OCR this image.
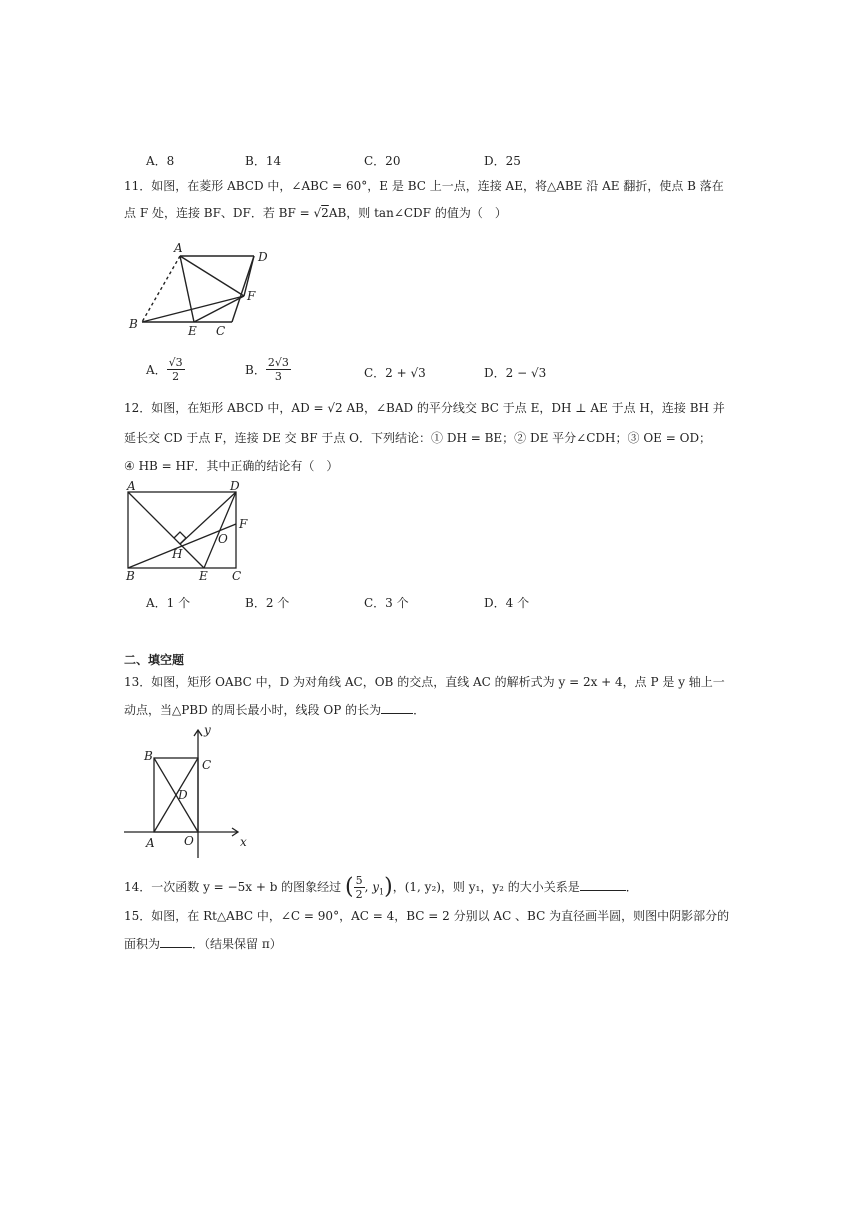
A．8	B．14	C．20	D．25
11．如图，在菱形 ABCD 中，∠ABC = 60°，E 是 BC 上一点，连接 AE，将△ABE 沿 AE 翻折，使点 B 落在
点 F 处，连接 BF、DF．若 BF = √2AB，则 tan∠CDF 的值为（　）
A
D
F
B	E C
A． $\frac{√3}{2}$	B． $\frac{2√3}{3}$	C．2 + √3	D．2 − √3
12．如图，在矩形 ABCD 中，AD = √2 AB，∠BAD 的平分线交 BC 于点 E，DH ⊥ AE 于点 H，连接 BH 并
延长交 CD 于点 F，连接 DE 交 BF 于点 O．下列结论：① DH = BE；② DE 平分∠CDH；③ OE = OD；
④ HB = HF．其中正确的结论有（　）
A	D
F
O
H
B	E C
A．1 个	B．2 个	C．3 个	D．4 个
二、填空题
13．如图，矩形 OABC 中，D 为对角线 AC，OB 的交点，直线 AC 的解析式为 y = 2x + 4，点 P 是 y 轴上一
动点，当△PBD 的周长最小时，线段 OP 的长为	．
y
x
B
C
D
A O
14．一次函数 y = −5x + b 的图象经过 ( $\frac{5}{2}$ , $y_1$)，(1, y₂)，则 y₁，y₂ 的大小关系是	．
15．如图，在 Rt△ABC 中，∠C = 90°，AC = 4，BC = 2 分别以 AC 、BC 为直径画半圆，则图中阴影部分的
面积为	．（结果保留 π）
